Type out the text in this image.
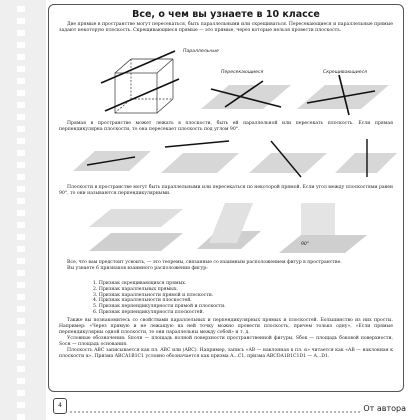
Все, о чем вы узнаете в 10 классе
Две прямые в пространстве могут пересекаться, быть параллельными или скрещиваться. Пересекающиеся и параллельные прямые задают некоторую плоскость. Скрещивающиеся прямые — это прямые, через которые нельзя провести плоскость.
Параллельные
Пересекающиеся	Скрещивающиеся
Прямая в пространстве может лежать в плоскости, быть ей параллельной или пересекать плоскость. Если прямая перпендикулярна плоскости, то она пересекает плоскость под углом 90°.
Плоскости в пространстве могут быть параллельными или пересекаться по некоторой прямой. Если угол между плоскостями равен 90°, то они называются перпендикулярными.
90°
Все, что вам предстоит усвоить, — это теоремы, связанные со взаимным расположением фигур в пространстве.
Вы узнаете 6 признаков взаимного расположения фигур:
1. Признак скрещивающихся прямых.
2. Признак параллельных прямых.
3. Признак параллельности прямой и плоскости.
4. Признак параллельности плоскостей.
5. Признак перпендикулярности прямой и плоскости.
6. Признак перпендикулярности плоскостей.
Также вы познакомитесь со свойствами параллельных и перпендикулярных прямых и плоскостей. Большинство из них просты. Например: «Через прямую и не лежащую на ней точку можно провести плоскость, причем только одну», «Если прямые перпендикулярны одной плоскости, то они параллельны между собой» и т. д.
Условные обозначения: Sполн — площадь полной поверхности пространственной фигуры, Sбок — площадь боковой поверхности, Sосн — площадь основания.
Плоскость ABC записывается как пл. ABC или (ABC). Например, запись «AB — наклонная к пл. α» читается как «AB — наклонная к плоскости α». Призма ABCA1B1C1 условно обозначается как призма A...C1, призма ABCDA1B1C1D1 — A...D1.
4	От автора
